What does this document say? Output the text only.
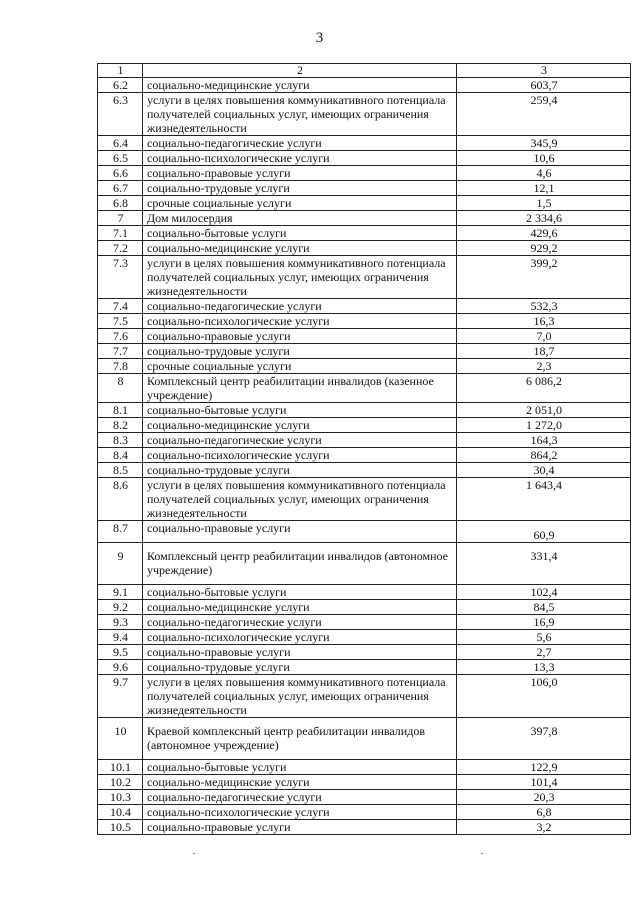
3
1	2	3
6.2	социально-медицинские услуги	603,7
6.3	услуги в целях повышения коммуникативного потенциала получателей социальных услуг, имеющих ограничения жизнедеятельности	259,4
6.4	социально-педагогические услуги	345,9
6.5	социально-психологические услуги	10,6
6.6	социально-правовые услуги	4,6
6.7	социально-трудовые услуги	12,1
6.8	срочные социальные услуги	1,5
7	Дом милосердия	2 334,6
7.1	социально-бытовые услуги	429,6
7.2	социально-медицинские услуги	929,2
7.3	услуги в целях повышения коммуникативного потенциала получателей социальных услуг, имеющих ограничения жизнедеятельности	399,2
7.4	социально-педагогические услуги	532,3
7.5	социально-психологические услуги	16,3
7.6	социально-правовые услуги	7,0
7.7	социально-трудовые услуги	18,7
7.8	срочные социальные услуги	2,3
8	Комплексный центр реабилитации инвалидов (казенное учреждение)	6 086,2
8.1	социально-бытовые услуги	2 051,0
8.2	социально-медицинские услуги	1 272,0
8.3	социально-педагогические услуги	164,3
8.4	социально-психологические услуги	864,2
8.5	социально-трудовые услуги	30,4
8.6	услуги в целях повышения коммуникативного потенциала получателей социальных услуг, имеющих ограничения жизнедеятельности	1 643,4
8.7	социально-правовые услуги	60,9
9	Комплексный центр реабилитации инвалидов (автономное учреждение)	331,4
9.1	социально-бытовые услуги	102,4
9.2	социально-медицинские услуги	84,5
9.3	социально-педагогические услуги	16,9
9.4	социально-психологические услуги	5,6
9.5	социально-правовые услуги	2,7
9.6	социально-трудовые услуги	13,3
9.7	услуги в целях повышения коммуникативного потенциала получателей социальных услуг, имеющих ограничения жизнедеятельности	106,0
10	Краевой комплексный центр реабилитации инвалидов (автономное учреждение)	397,8
10.1	социально-бытовые услуги	122,9
10.2	социально-медицинские услуги	101,4
10.3	социально-педагогические услуги	20,3
10.4	социально-психологические услуги	6,8
10.5	социально-правовые услуги	3,2
